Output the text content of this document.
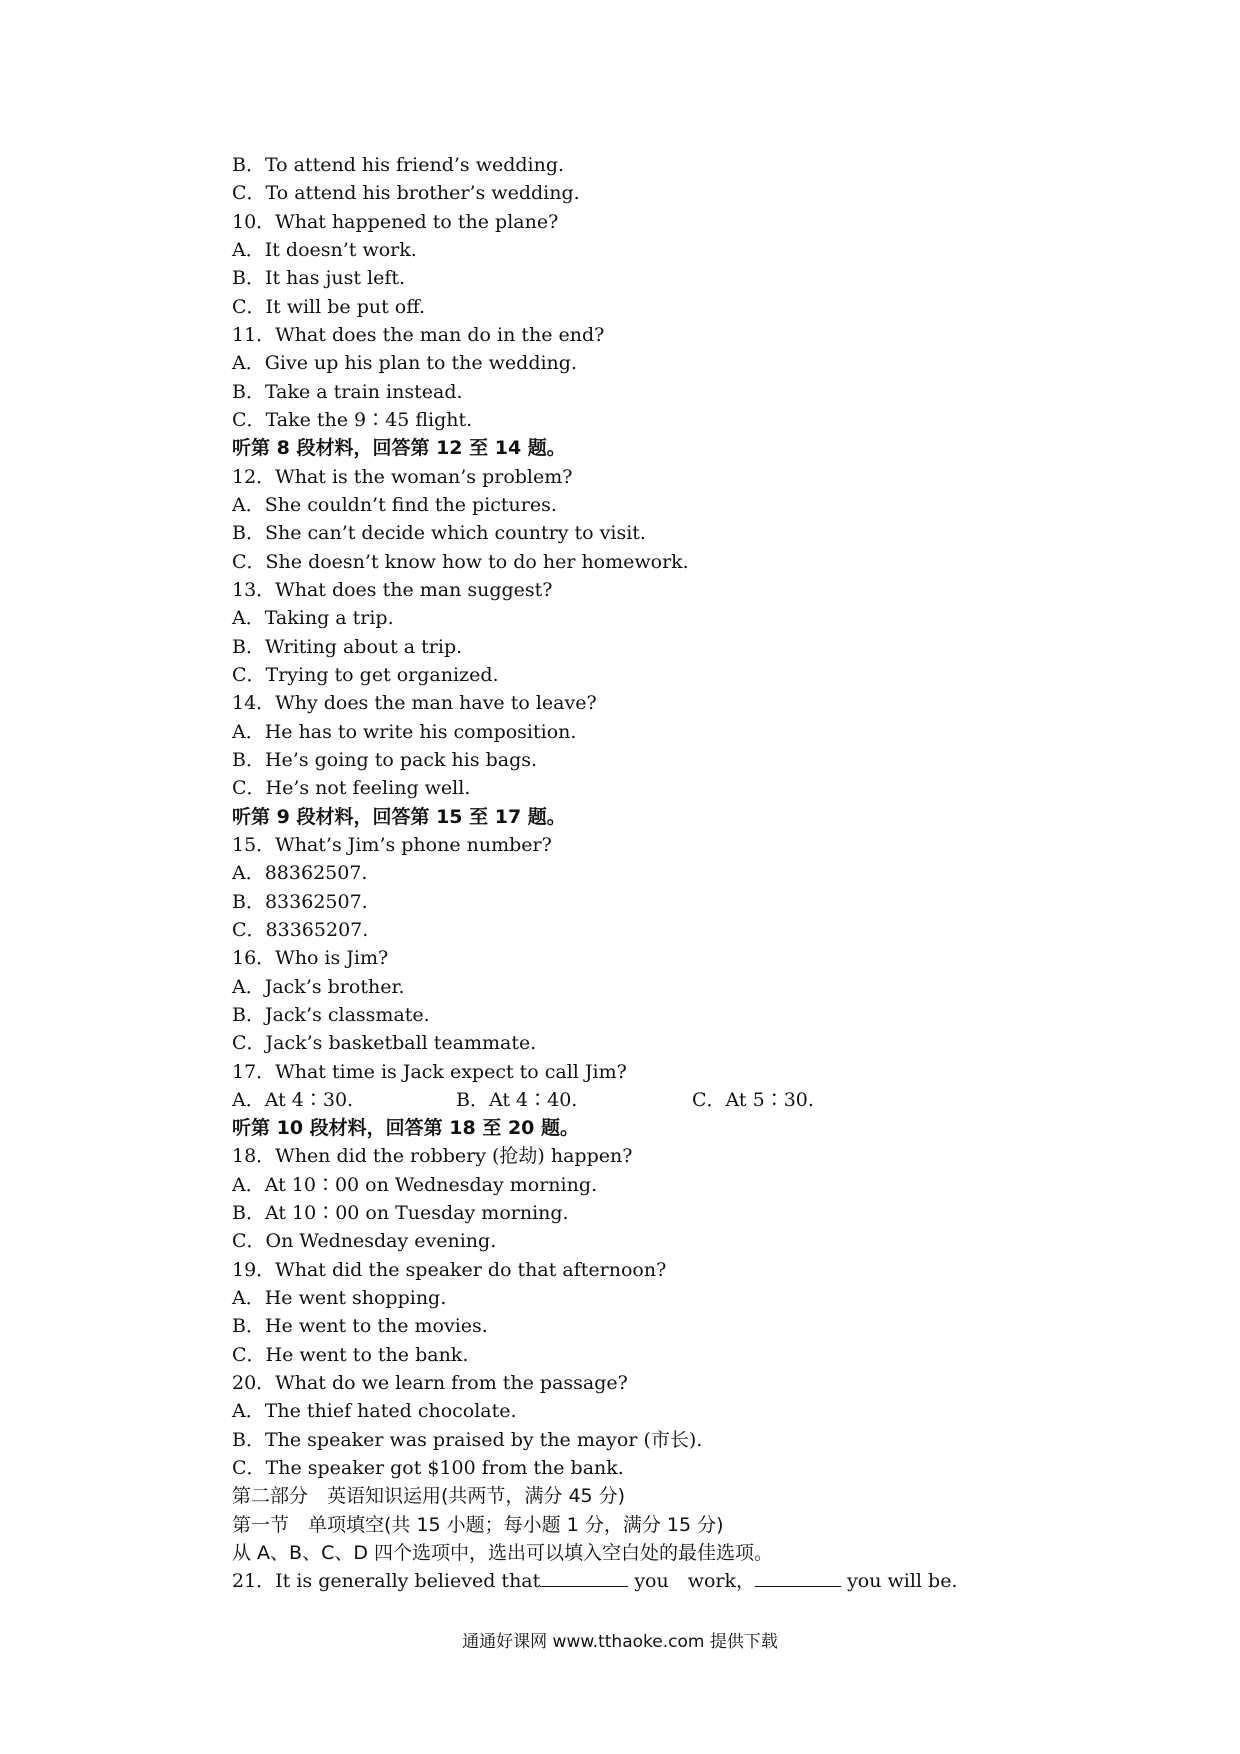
B．To attend his friend’s wedding.
C．To attend his brother’s wedding.
10．What happened to the plane?
A．It doesn’t work.
B．It has just left.
C．It will be put off.
11．What does the man do in the end?
A．Give up his plan to the wedding.
B．Take a train instead.
C．Take the 9∶45 flight.
听第 8 段材料，回答第 12 至 14 题。
12．What is the woman’s problem?
A．She couldn’t find the pictures.
B．She can’t decide which country to visit.
C．She doesn’t know how to do her homework.
13．What does the man suggest?
A．Taking a trip.
B．Writing about a trip.
C．Trying to get organized.
14．Why does the man have to leave?
A．He has to write his composition.
B．He’s going to pack his bags.
C．He’s not feeling well.
听第 9 段材料，回答第 15 至 17 题。
15．What’s Jim’s phone number?
A．88362507.
B．83362507.
C．83365207.
16．Who is Jim?
A．Jack’s brother.
B．Jack’s classmate.
C．Jack’s basketball teammate.
17．What time is Jack expect to call Jim?
A．At 4∶30.	B．At 4∶40.	C．At 5∶30.
听第 10 段材料，回答第 18 至 20 题。
18．When did the robbery (抢劫) happen?
A．At 10∶00 on Wednesday morning.
B．At 10∶00 on Tuesday morning.
C．On Wednesday evening.
19．What did the speaker do that afternoon?
A．He went shopping.
B．He went to the movies.
C．He went to the bank.
20．What do we learn from the passage?
A．The thief hated chocolate.
B．The speaker was praised by the mayor (市长).
C．The speaker got $100 from the bank.
第二部分　英语知识运用(共两节，满分 45 分)
第一节　单项填空(共 15 小题；每小题 1 分，满分 15 分)
从 A、B、C、D 四个选项中，选出可以填入空白处的最佳选项。
21．It is generally believed that	you　work，	you will be.
通通好课网 www.tthaoke.com 提供下载
